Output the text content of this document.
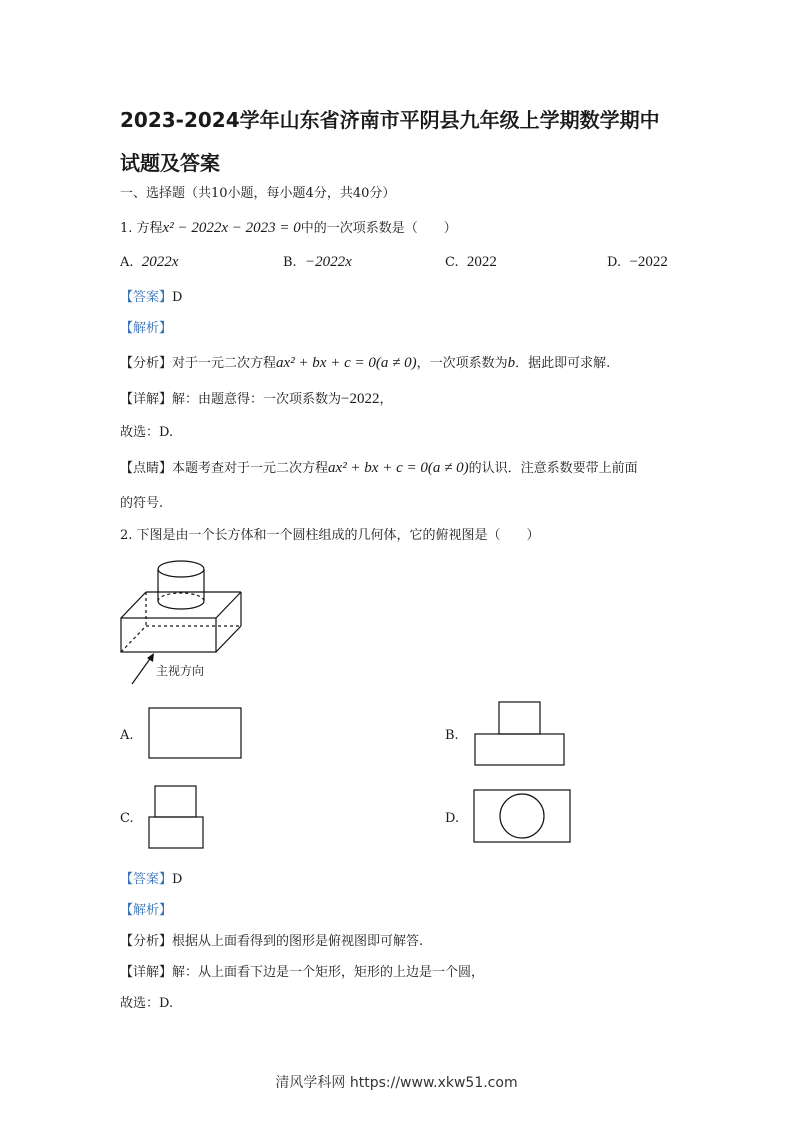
2023-2024学年山东省济南市平阴县九年级上学期数学期中
试题及答案
一、选择题（共10小题，每小题4分，共40分）
1. 方程x² − 2022x − 2023 = 0中的一次项系数是（　　）
A. 2022x	B. −2022x	C. 2022	D. −2022
【答案】D
【解析】
【分析】对于一元二次方程ax² + bx + c = 0(a ≠ 0)，一次项系数为b．据此即可求解.
【详解】解：由题意得：一次项系数为−2022，
故选：D.
【点睛】本题考查对于一元二次方程ax² + bx + c = 0(a ≠ 0)的认识．注意系数要带上前面
的符号.
2. 下图是由一个长方体和一个圆柱组成的几何体，它的俯视图是（　　）
主视方向
A.	B.
C.	D.
【答案】D
【解析】
【分析】根据从上面看得到的图形是俯视图即可解答.
【详解】解：从上面看下边是一个矩形，矩形的上边是一个圆，
故选：D.
清风学科网 https://www.xkw51.com
